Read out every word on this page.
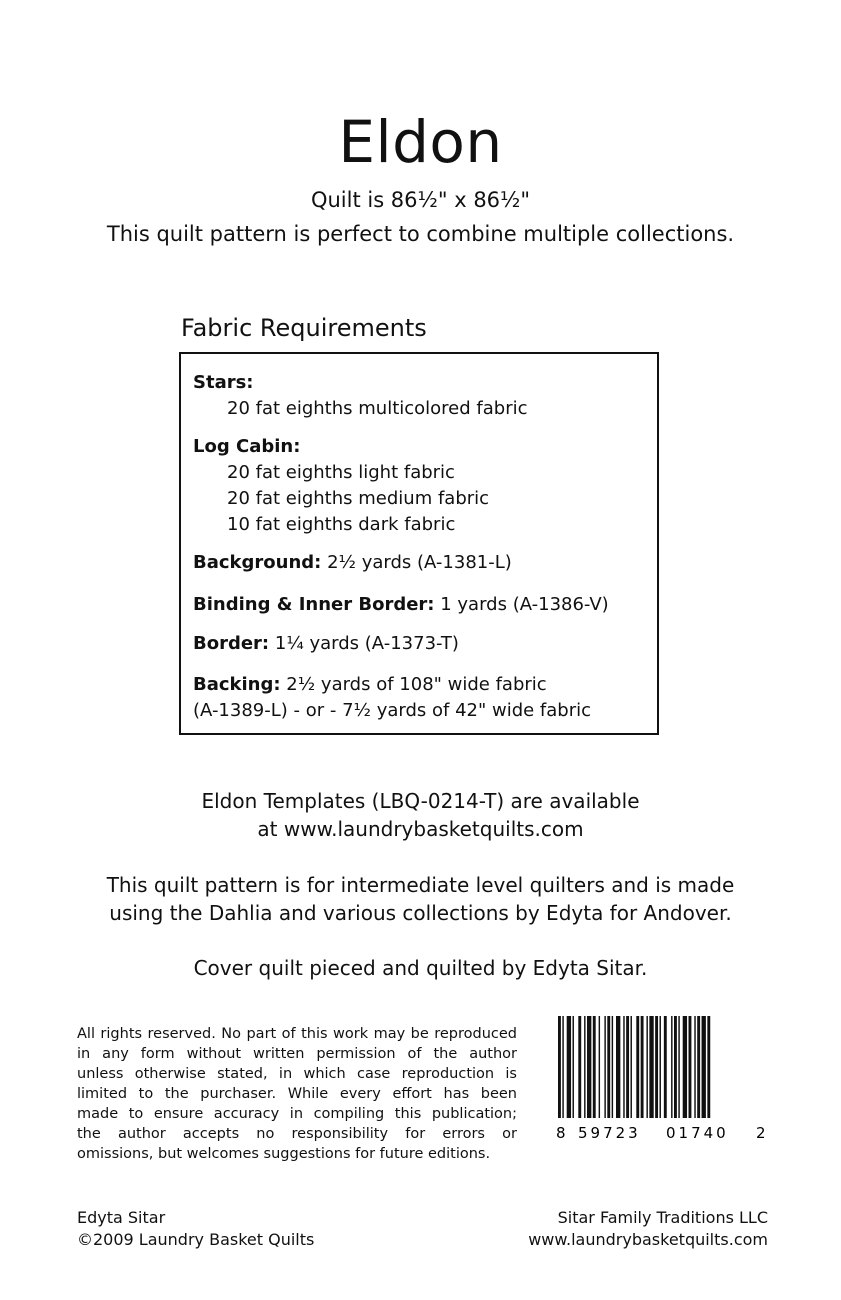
Eldon
Quilt is 86½" x 86½"
This quilt pattern is perfect to combine multiple collections.
Fabric Requirements
Stars:
20 fat eighths multicolored fabric
Log Cabin:
20 fat eighths light fabric
20 fat eighths medium fabric
10 fat eighths dark fabric
Background: 2½ yards (A-1381-L)
Binding & Inner Border: 1 yards (A-1386-V)
Border: 1¼ yards (A-1373-T)
Backing: 2½ yards of 108" wide fabric
(A-1389-L) - or - 7½ yards of 42" wide fabric
Eldon Templates (LBQ-0214-T) are available
at www.laundrybasketquilts.com
This quilt pattern is for intermediate level quilters and is made
using the Dahlia and various collections by Edyta for Andover.
Cover quilt pieced and quilted by Edyta Sitar.
All rights reserved. No part of this work may be reproduced
in any form without written permission of the author
unless otherwise stated, in which case reproduction is
limited to the purchaser. While every effort has been
made to ensure accuracy in compiling this publication;
the author accepts no responsibility for errors or
omissions, but welcomes suggestions for future editions.
8 59723 01740 2
Edyta Sitar
©2009 Laundry Basket Quilts
Sitar Family Traditions LLC
www.laundrybasketquilts.com
